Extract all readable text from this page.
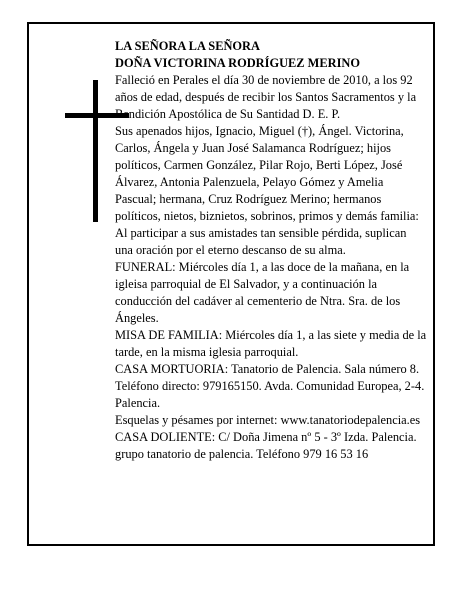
LA SEÑORA LA SEÑORA
DOÑA VICTORINA RODRÍGUEZ MERINO

Falleció en Perales el día 30 de noviembre de 2010, a los 92 años de edad, después de recibir los Santos Sacramentos y la Bendición Apostólica de Su Santidad D. E. P.

Sus apenados hijos, Ignacio, Miguel (†), Ángel. Victorina, Carlos, Ángela y Juan José Salamanca Rodríguez; hijos políticos, Carmen González, Pilar Rojo, Berti López, José Álvarez, Antonia Palenzuela, Pelayo Gómez y Amelia Pascual; hermana, Cruz Rodríguez Merino; hermanos políticos, nietos, biznietos, sobrinos, primos y demás familia:

Al participar a sus amistades tan sensible pérdida, suplican una oración por el eterno descanso de su alma.

FUNERAL: Miércoles día 1, a las doce de la mañana, en la igleisa parroquial de El Salvador, y a continuación la conducción del cadáver al cementerio de Ntra. Sra. de los Ángeles.

MISA DE FAMILIA: Miércoles día 1, a las siete y media de la tarde, en la misma iglesia parroquial.

CASA MORTUORIA: Tanatorio de Palencia. Sala número 8. Teléfono directo: 979165150. Avda. Comunidad Europea, 2-4. Palencia.

Esquelas y pésames por internet: www.tanatoriodepalencia.es

CASA DOLIENTE: C/ Doña Jimena nº 5 - 3º Izda. Palencia.

grupo tanatorio de palencia. Teléfono 979 16 53 16
